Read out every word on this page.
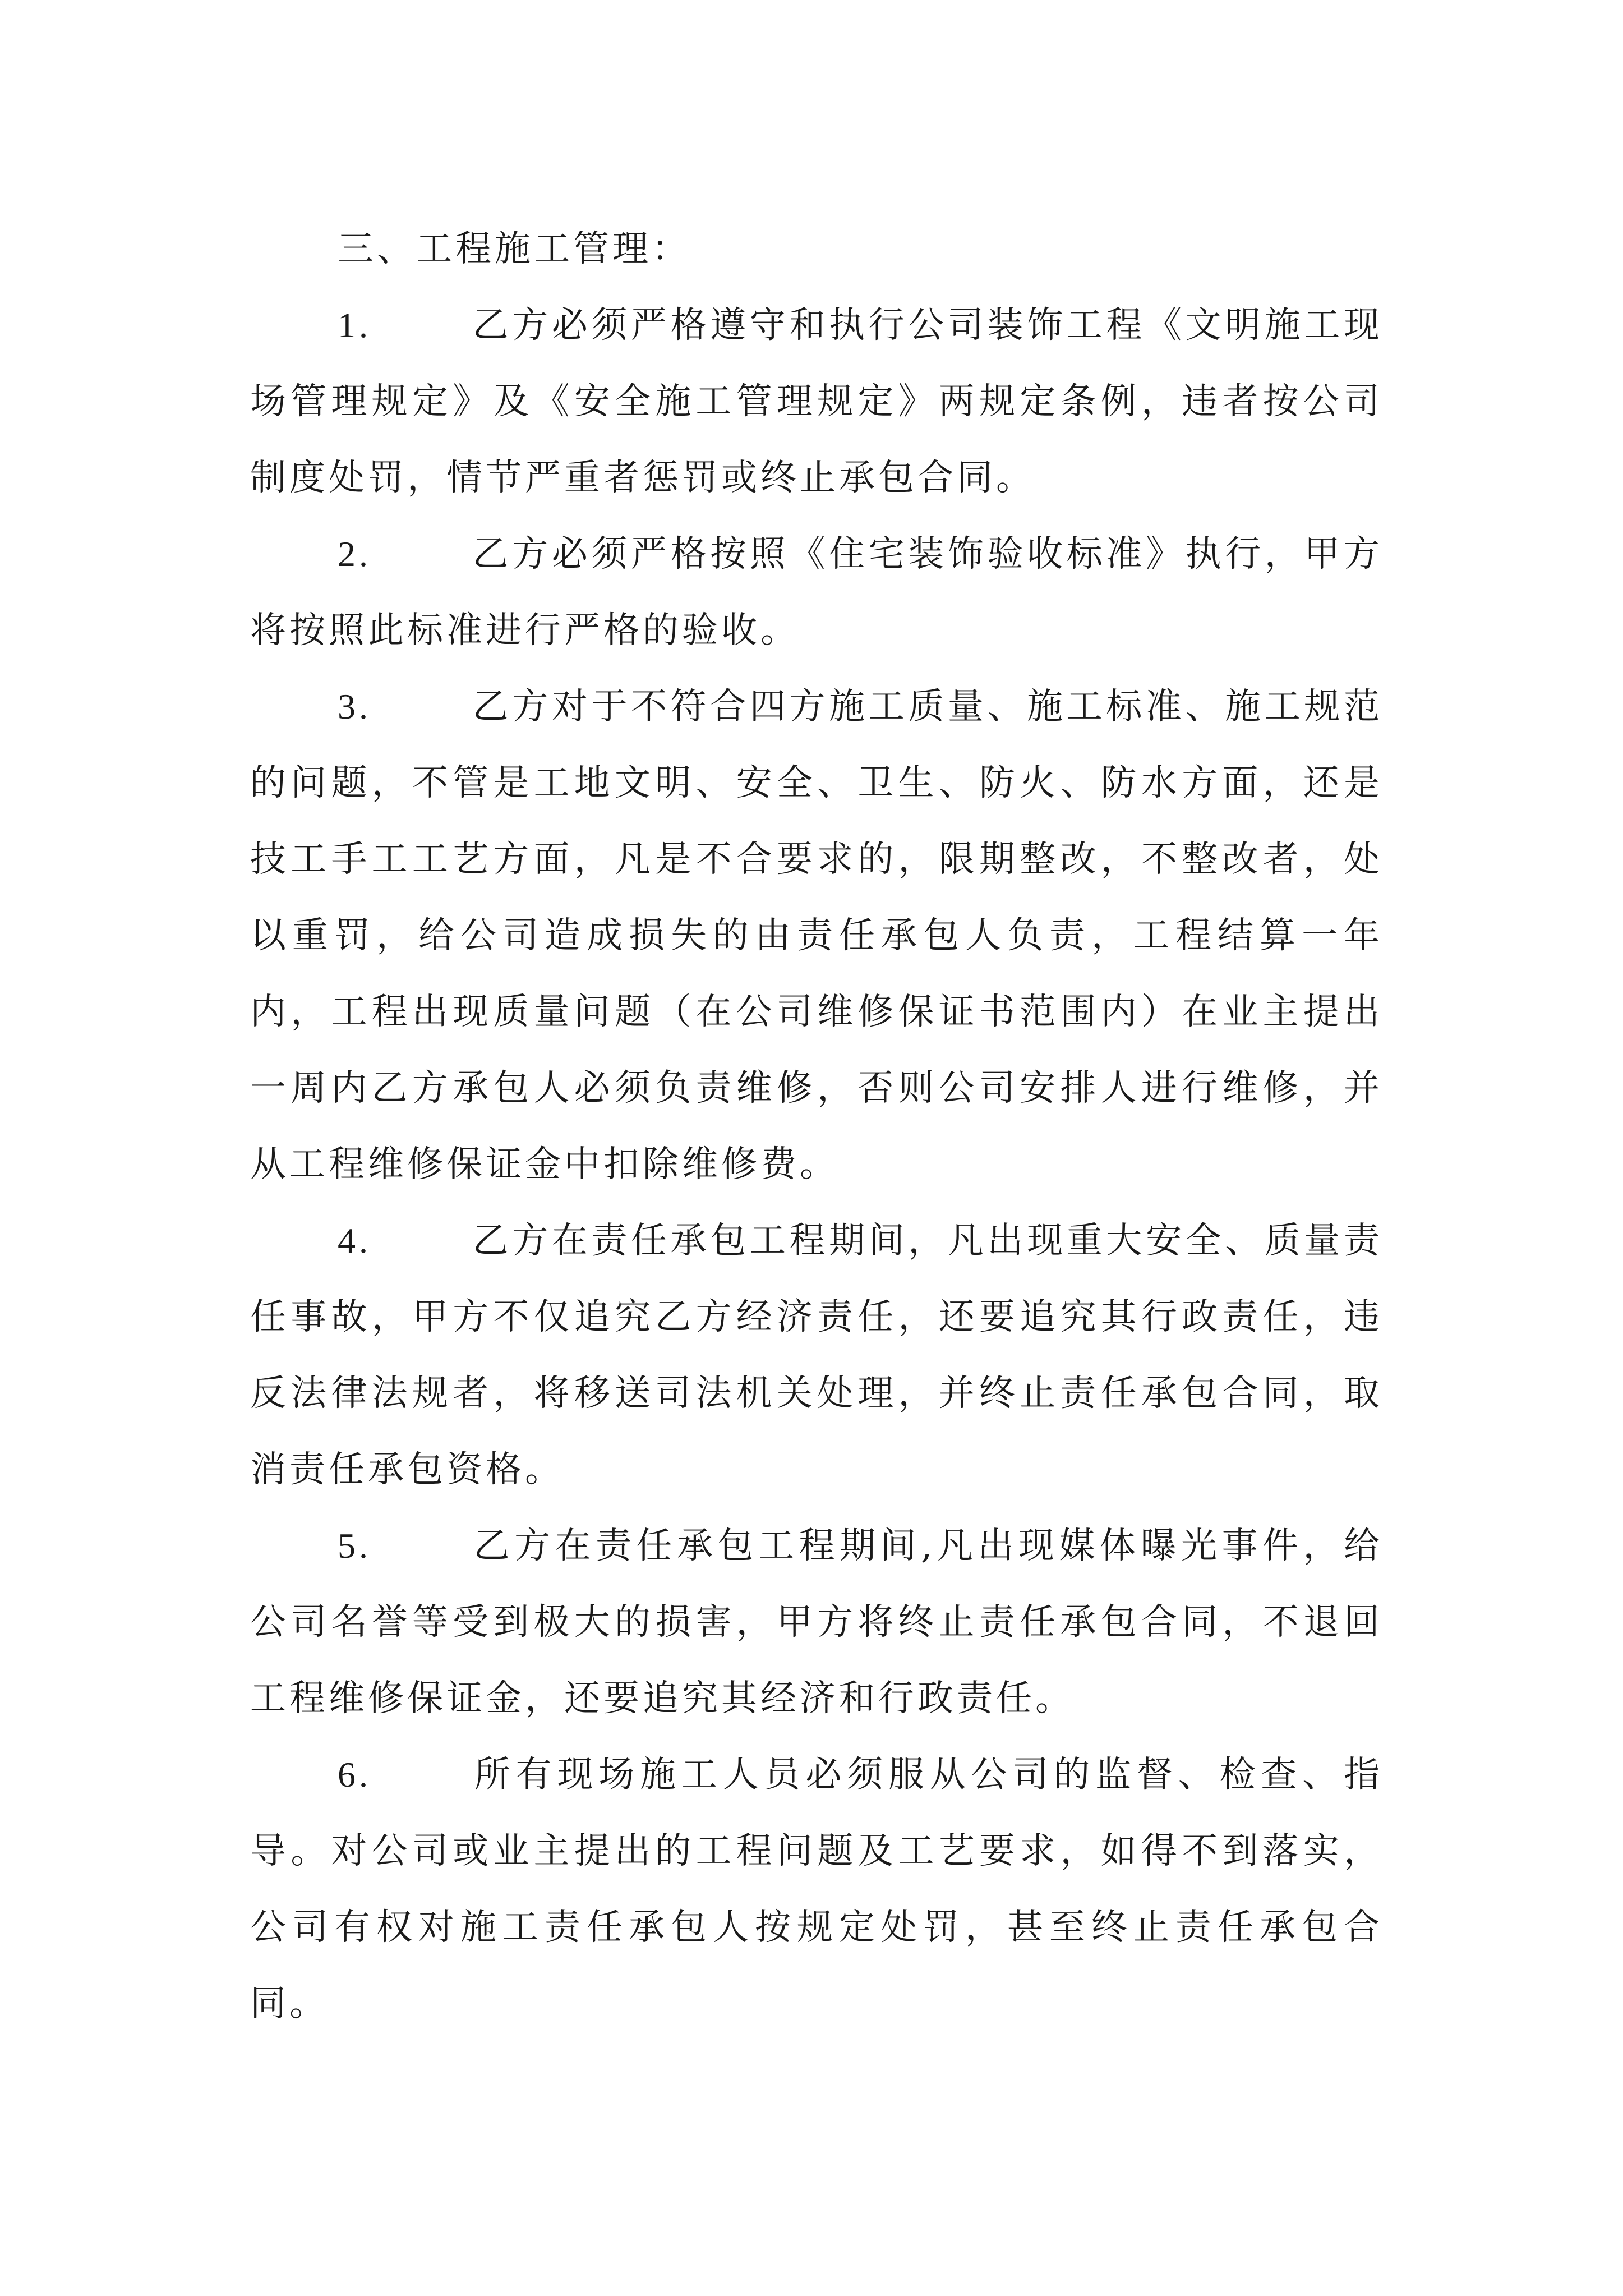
三、工程施工管理：

1.	乙方必须严格遵守和执行公司装饰工程《文明施工现场管理规定》及《安全施工管理规定》两规定条例，违者按公司制度处罚，情节严重者惩罚或终止承包合同。

2.	乙方必须严格按照《住宅装饰验收标准》执行，甲方将按照此标准进行严格的验收。

3.	乙方对于不符合四方施工质量、施工标准、施工规范的问题，不管是工地文明、安全、卫生、防火、防水方面，还是技工手工工艺方面，凡是不合要求的，限期整改，不整改者，处以重罚，给公司造成损失的由责任承包人负责，工程结算一年内，工程出现质量问题（在公司维修保证书范围内）在业主提出一周内乙方承包人必须负责维修，否则公司安排人进行维修，并从工程维修保证金中扣除维修费。

4.	乙方在责任承包工程期间，凡出现重大安全、质量责任事故，甲方不仅追究乙方经济责任，还要追究其行政责任，违反法律法规者，将移送司法机关处理，并终止责任承包合同，取消责任承包资格。

5.	乙方在责任承包工程期间,凡出现媒体曝光事件，给公司名誉等受到极大的损害，甲方将终止责任承包合同，不退回工程维修保证金，还要追究其经济和行政责任。

6.	所有现场施工人员必须服从公司的监督、检查、指导。对公司或业主提出的工程问题及工艺要求，如得不到落实，公司有权对施工责任承包人按规定处罚，甚至终止责任承包合同。
